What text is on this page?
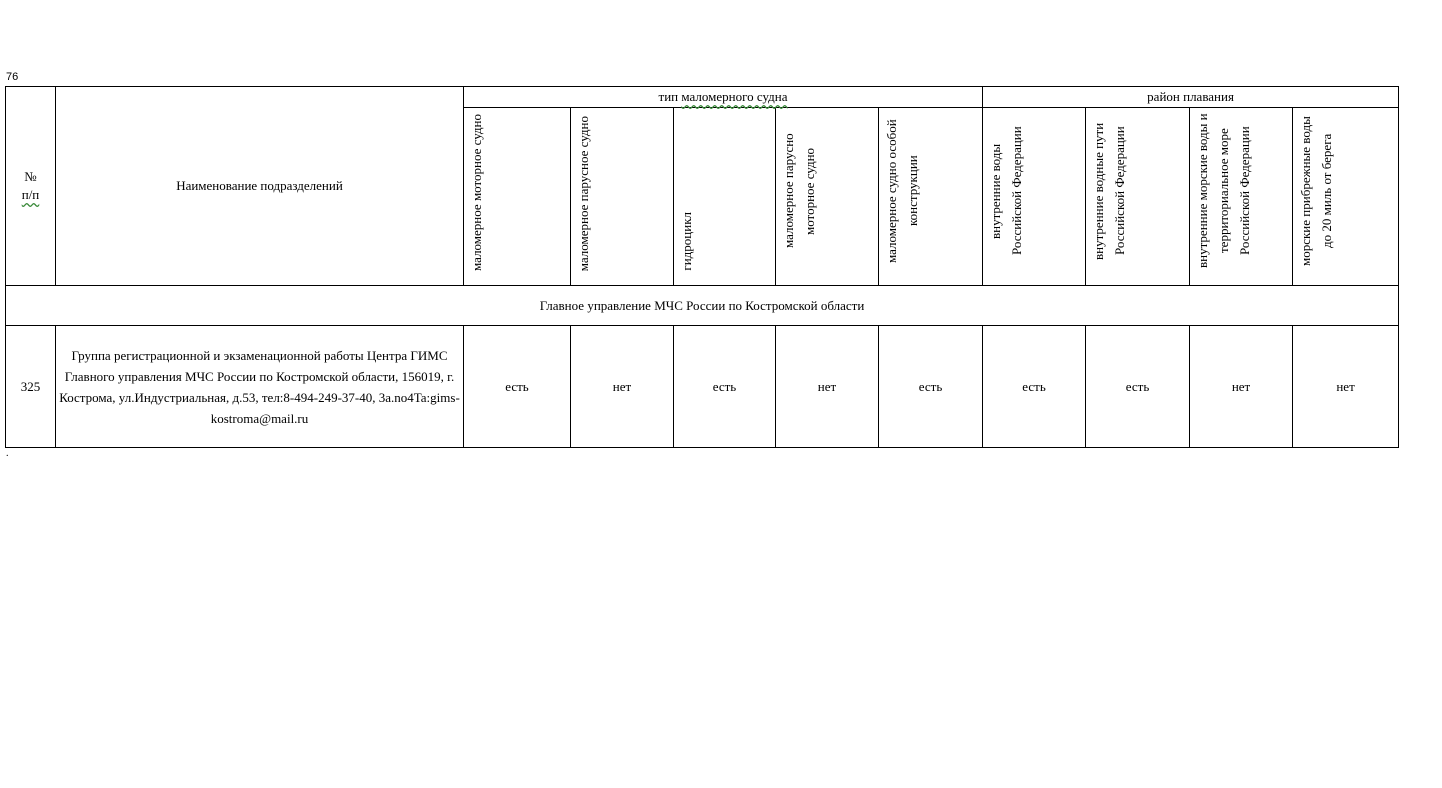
76
№
п/п	Наименование подразделений	тип маломерного судна					район плавания			

		маломерное моторное судно	маломерное парусное судно	гидроцикл	маломерное парусно моторное судно	маломерное судно особой конструкции	внутренние воды Российской Федерации	внутренние водные пути Российской Федерации	внутренние морские воды и территориальное море Российской Федерации	морские прибрежные воды до 20 миль от берега

Главное управление МЧС России по Костромской области										
325	Группа регистрационной и экзаменационной работы Центра ГИМС Главного управления МЧС России по Костромской области, 156019, г. Кострома, ул.Индустриальная, д.53, тел:8-494-249-37-40, 3a.no4Ta:gims-kostroma@mail.ru	есть	нет	есть	нет	есть	есть	есть	нет	нет
.
